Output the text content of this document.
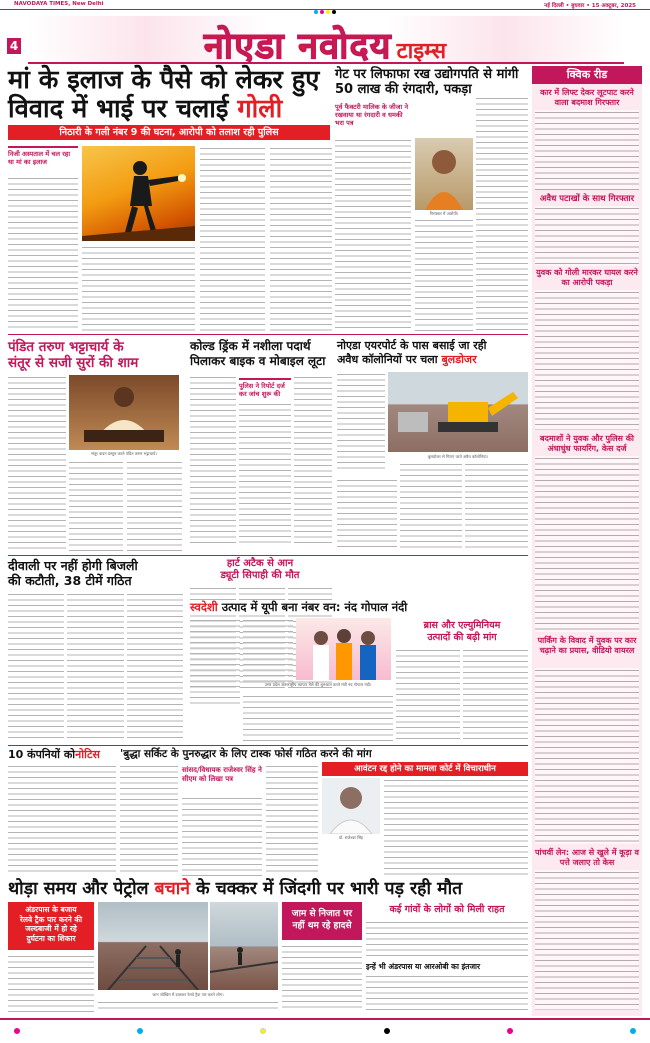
NAVODAYA TIMES, New Delhi	नई दिल्ली • बुधवार • 15 अक्टूबर, 2025
4	नोएडा नवोदय टाइम्स
मां के इलाज के पैसे को लेकर हुए
विवाद में भाई पर चलाई गोली
निठारी के गली नंबर 9 की घटना, आरोपी को तलाश रही पुलिस
निजी अस्पताल में चल रहा था मां का इलाज
गेट पर लिफाफा रख उद्योगपति से मांगी 50 लाख की रंगदारी, पकड़ा
पूर्व फैक्टरी मालिक के जीजा ने रखवाया था रंगदारी व धमकी भरा पत्र
गिरफ्तार में आरोपी।
क्विक रीड
कार में लिफ्ट देकर लूटपाट करने वाला बदमाश गिरफ्तार
अवैध पटाखों के साथ गिरफ्तार
युवक को गोली मारकर घायल करने का आरोपी पकड़ा
बदमाशों ने युवक और पुलिस की अंधाधुंध फायरिंग, केस दर्ज
पार्किंग के विवाद में युवक पर कार चढ़ाने का प्रयास, वीडियो वायरल
पांचवीं लेन: आज से खुले में कूड़ा व पत्ते जलाए तो केस
पंडित तरुण भट्टाचार्य के
संतूर से सजी सुरों की शाम
संतूर वादन प्रस्तुत करते पंडित तरुण भट्टाचार्य।
कोल्ड ड्रिंक में नशीला पदार्थ
पिलाकर बाइक व मोबाइल लूटा
पुलिस ने रिपोर्ट दर्ज कर जांच शुरू की
नोएडा एयरपोर्ट के पास बसाई जा रही
अवैध कॉलोनियों पर चला बुलडोजर
बुलडोजर से गिराए जाते अवैध कॉलोनियां।
दीवाली पर नहीं होगी बिजली
की कटौती, 38 टीमें गठित
हार्ट अटैक से आन
ड्यूटी सिपाही की मौत
स्वदेशी उत्पाद में यूपी बना नंबर वन: नंद गोपाल नंदी
उत्तर प्रदेश अंतरराष्ट्रीय व्यापार मेले की शुरुआत करते मंत्री नंद गोपाल नंदी।
ब्रास और एल्युमिनियम
उत्पादों की बढ़ी मांग
10 कंपनियों कोनोटिस	'बुद्धा सर्किट के पुनरुद्धार के लिए टास्क फोर्स गठित करने की मांग
सांसद/विधायक राजेश्वर सिंह ने सीएम को लिखा पत्र
आवंटन रद्द होने का मामला कोर्ट में विचाराधीन
डॉ. राजेश्वर सिंह
थोड़ा समय और पेट्रोल बचाने के चक्कर में जिंदगी पर भारी पड़ रही मौत
अंडरपास के बजाय
रेलवे ट्रैक पार करने की
जल्दबाजी में हो रहे
दुर्घटना का शिकार
जान जोखिम में डालकर रेलवे ट्रैक पार करते लोग।
जाम से निजात पर
नहीं थम रहे हादसे
कई गांवों के लोगों को मिली राहत
इन्हें भी अंडरपास या आरओबी का इंतजार
